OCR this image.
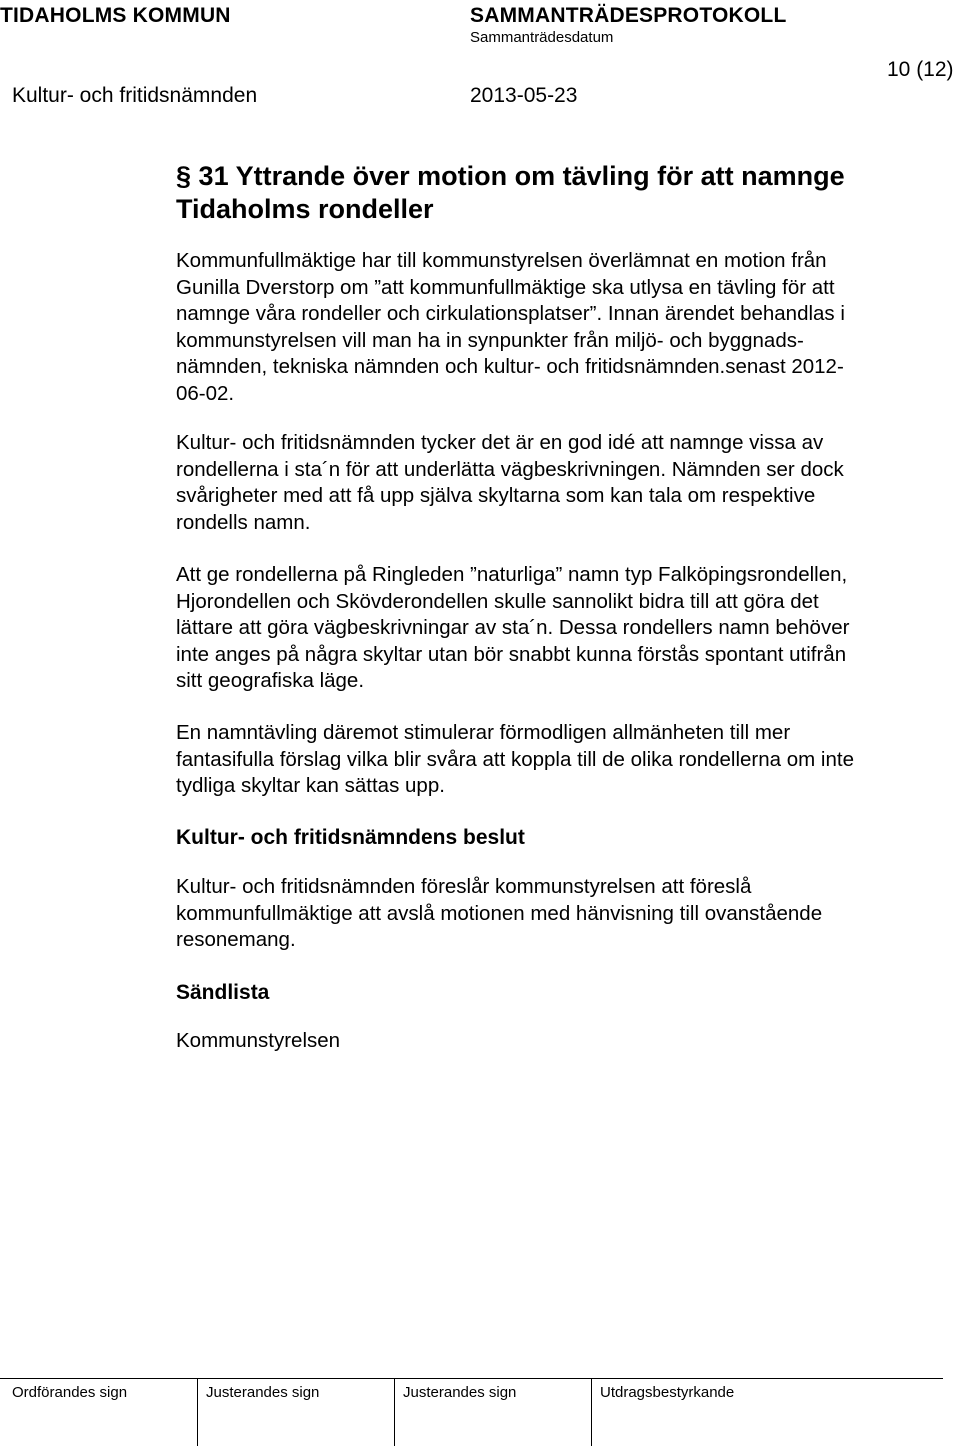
TIDAHOLMS KOMMUN	SAMMANTRÄDESPROTOKOLL
Sammanträdesdatum
10 (12)
Kultur- och fritidsnämnden	2013-05-23
§ 31 Yttrande över motion om tävling för att namnge
Tidaholms rondeller
Kommunfullmäktige har till kommunstyrelsen överlämnat en motion från
Gunilla Dverstorp om ”att kommunfullmäktige ska utlysa en tävling för att
namnge våra rondeller och cirkulationsplatser”. Innan ärendet behandlas i
kommunstyrelsen vill man ha in synpunkter från miljö- och byggnads-
nämnden, tekniska nämnden och kultur- och fritidsnämnden.senast 2012-
06-02.
Kultur- och fritidsnämnden tycker det är en god idé att namnge vissa av
rondellerna i sta´n för att underlätta vägbeskrivningen. Nämnden ser dock
svårigheter med att få upp själva skyltarna som kan tala om respektive
rondells namn.
Att ge rondellerna på Ringleden ”naturliga” namn typ Falköpingsrondellen,
Hjorondellen och Skövderondellen skulle sannolikt bidra till att göra det
lättare att göra vägbeskrivningar av sta´n. Dessa rondellers namn behöver
inte anges på några skyltar utan bör snabbt kunna förstås spontant utifrån
sitt geografiska läge.
En namntävling däremot stimulerar förmodligen allmänheten till mer
fantasifulla förslag vilka blir svåra att koppla till de olika rondellerna om inte
tydliga skyltar kan sättas upp.
Kultur- och fritidsnämndens beslut
Kultur- och fritidsnämnden föreslår kommunstyrelsen att föreslå
kommunfullmäktige att avslå motionen med hänvisning till ovanstående
resonemang.
Sändlista
Kommunstyrelsen
Ordförandes sign	Justerandes sign	Justerandes sign	Utdragsbestyrkande
